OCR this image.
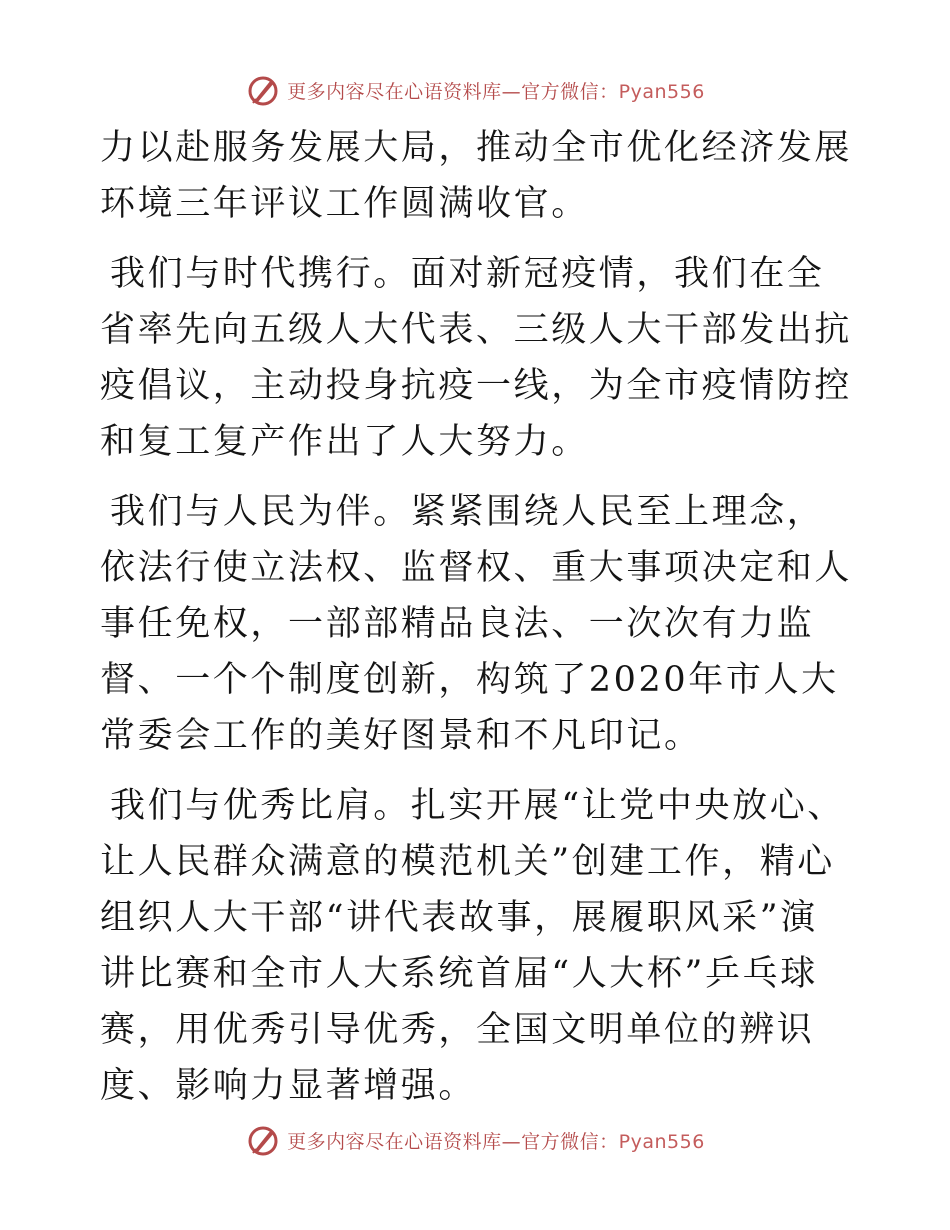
更多内容尽在心语资料库—官方微信：Pyan556

力以赴服务发展大局，推动全市优化经济发展环境三年评议工作圆满收官。

我们与时代携行。面对新冠疫情，我们在全省率先向五级人大代表、三级人大干部发出抗疫倡议，主动投身抗疫一线，为全市疫情防控和复工复产作出了人大努力。

我们与人民为伴。紧紧围绕人民至上理念，依法行使立法权、监督权、重大事项决定和人事任免权，一部部精品良法、一次次有力监督、一个个制度创新，构筑了2020年市人大常委会工作的美好图景和不凡印记。

我们与优秀比肩。扎实开展“让党中央放心、让人民群众满意的模范机关”创建工作，精心组织人大干部“讲代表故事，展履职风采”演讲比赛和全市人大系统首届“人大杯”乒乓球赛，用优秀引导优秀，全国文明单位的辨识度、影响力显著增强。

更多内容尽在心语资料库—官方微信：Pyan556
